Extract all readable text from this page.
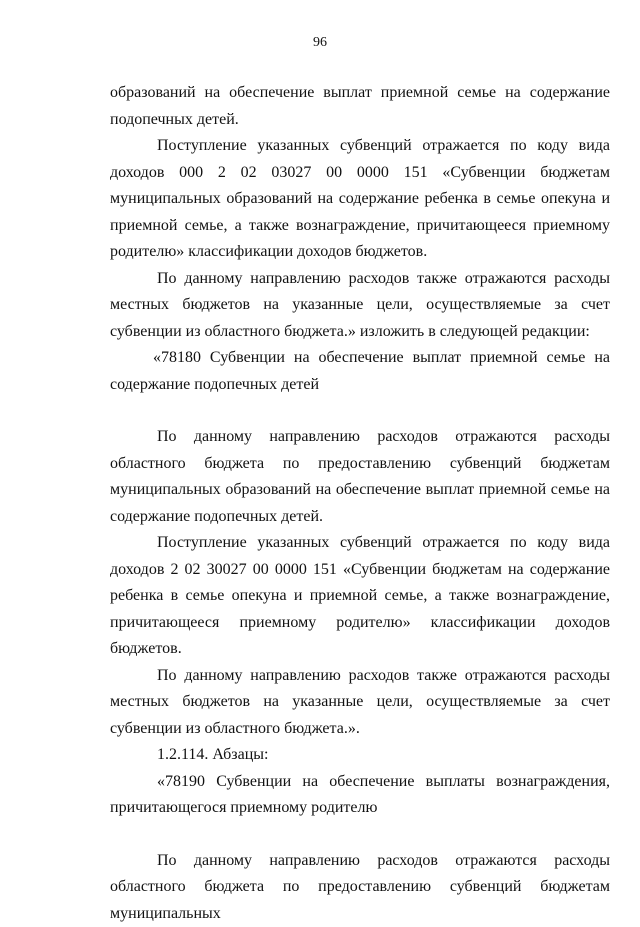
96

образований на обеспечение выплат приемной семье на содержание подопечных детей.

Поступление указанных субвенций отражается по коду вида доходов 000 2 02 03027 00 0000 151 «Субвенции бюджетам муниципальных образований на содержание ребенка в семье опекуна и приемной семье, а также вознаграждение, причитающееся приемному родителю» классификации доходов бюджетов.

По данному направлению расходов также отражаются расходы местных бюджетов на указанные цели, осуществляемые за счет субвенции из областного бюджета.» изложить в следующей редакции:

«78180 Субвенции на обеспечение выплат приемной семье на содержание подопечных детей

По данному направлению расходов отражаются расходы областного бюджета по предоставлению субвенций бюджетам муниципальных образований на обеспечение выплат приемной семье на содержание подопечных детей.

Поступление указанных субвенций отражается по коду вида доходов 2 02 30027 00 0000 151 «Субвенции бюджетам на содержание ребенка в семье опекуна и приемной семье, а также вознаграждение, причитающееся приемному родителю» классификации доходов бюджетов.

По данному направлению расходов также отражаются расходы местных бюджетов на указанные цели, осуществляемые за счет субвенции из областного бюджета.».

1.2.114. Абзацы:

«78190 Субвенции на обеспечение выплаты вознаграждения, причитающегося приемному родителю

По данному направлению расходов отражаются расходы областного бюджета по предоставлению субвенций бюджетам муниципальных
